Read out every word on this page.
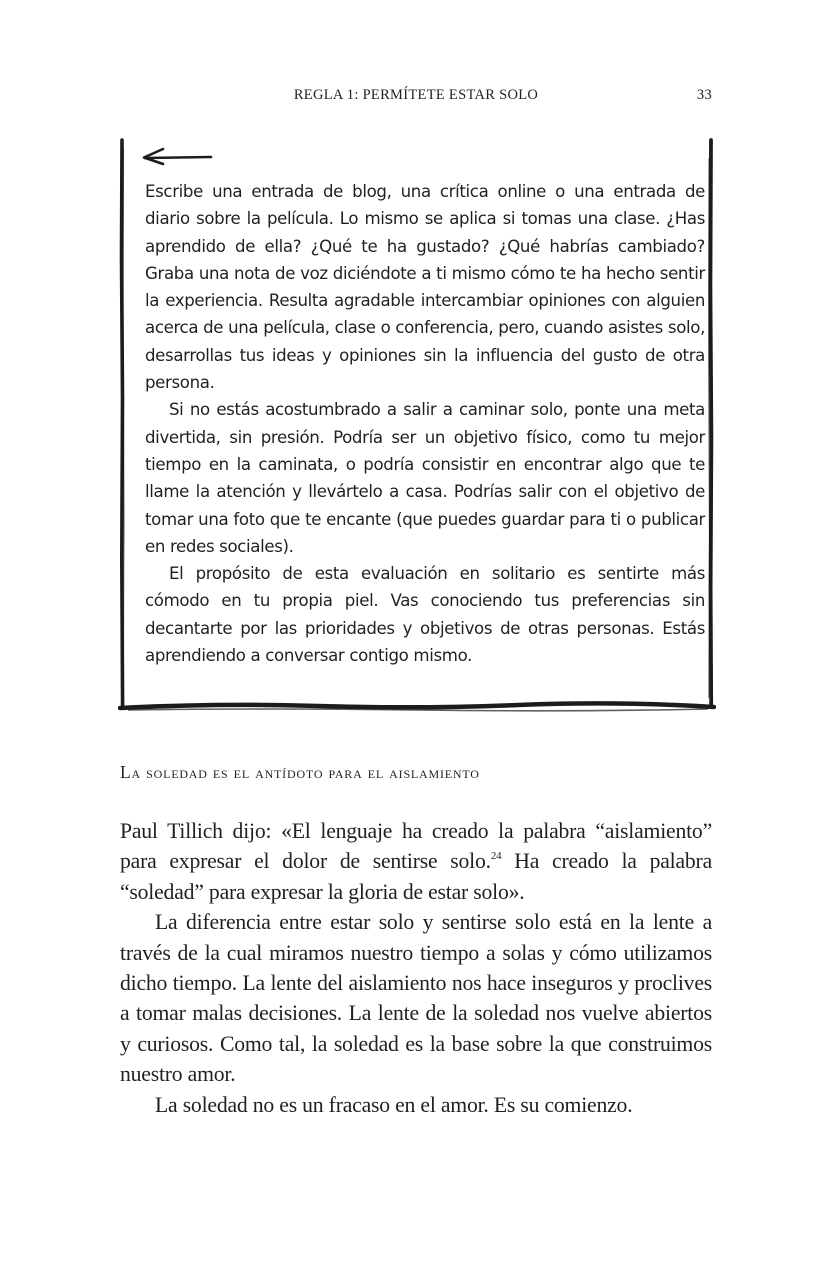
REGLA 1: PERMÍTETE ESTAR SOLO	33

Escribe una entrada de blog, una crítica online o una entrada de diario sobre la película. Lo mismo se aplica si tomas una clase. ¿Has aprendido de ella? ¿Qué te ha gustado? ¿Qué habrías cambiado? Graba una nota de voz diciéndote a ti mismo cómo te ha hecho sentir la experiencia. Resulta agradable intercambiar opiniones con alguien acerca de una película, clase o conferencia, pero, cuando asistes solo, desarrollas tus ideas y opiniones sin la influencia del gusto de otra persona.

Si no estás acostumbrado a salir a caminar solo, ponte una meta divertida, sin presión. Podría ser un objetivo físico, como tu mejor tiempo en la caminata, o podría consistir en encontrar algo que te llame la atención y llevártelo a casa. Podrías salir con el objetivo de tomar una foto que te encante (que puedes guardar para ti o publicar en redes sociales).

El propósito de esta evaluación en solitario es sentirte más cómodo en tu propia piel. Vas conociendo tus preferencias sin decantarte por las prioridades y objetivos de otras personas. Estás aprendiendo a conversar contigo mismo.

La soledad es el antídoto para el aislamiento

Paul Tillich dijo: «El lenguaje ha creado la palabra “aislamiento” para expresar el dolor de sentirse solo.$^{24}$ Ha creado la palabra “soledad” para expresar la gloria de estar solo».

La diferencia entre estar solo y sentirse solo está en la lente a través de la cual miramos nuestro tiempo a solas y cómo utilizamos dicho tiempo. La lente del aislamiento nos hace inseguros y proclives a tomar malas decisiones. La lente de la soledad nos vuelve abiertos y curiosos. Como tal, la soledad es la base sobre la que construimos nuestro amor.

La soledad no es un fracaso en el amor. Es su comienzo.
